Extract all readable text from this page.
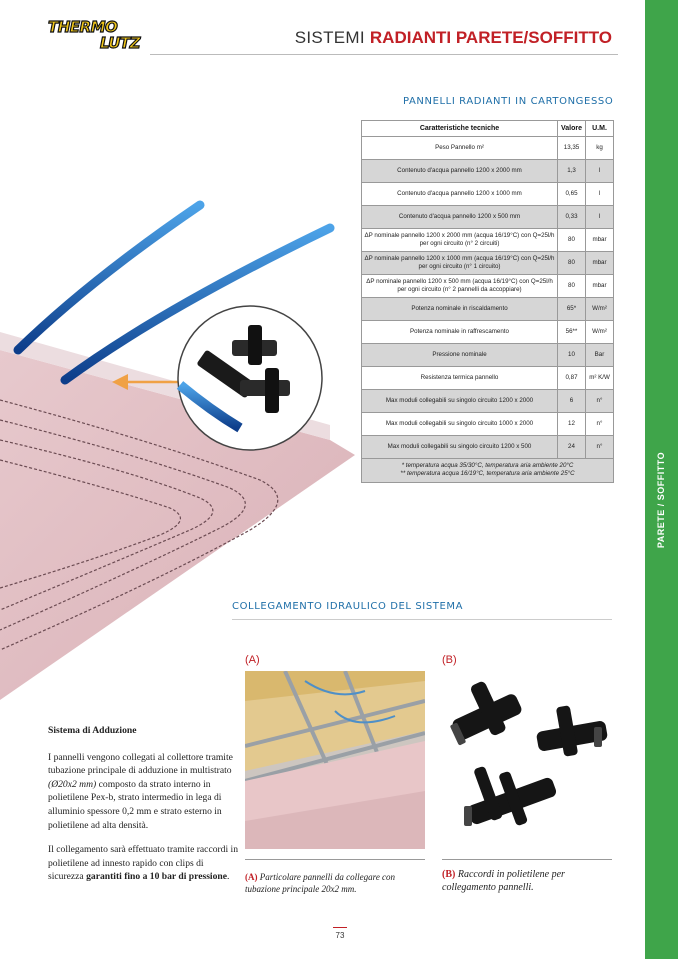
PARETE / SOFFITTO
THERMO
LUTZ	SISTEMI RADIANTI PARETE/SOFFITTO
PANNELLI RADIANTI IN CARTONGESSO
Caratteristiche tecniche	Valore	U.M.
Peso Pannello m²	13,35	kg
Contenuto d'acqua pannello 1200 x 2000 mm	1,3	l
Contenuto d'acqua pannello 1200 x 1000 mm	0,65	l
Contenuto d'acqua pannello 1200 x 500 mm	0,33	l
ΔP nominale pannello 1200 x 2000 mm (acqua 16/19°C) con Q=25l/h per ogni circuito (n° 2 circuiti)	80	mbar
ΔP nominale pannello 1200 x 1000 mm (acqua 16/19°C) con Q=25l/h per ogni circuito (n° 1 circuito)	80	mbar
ΔP nominale pannello 1200 x 500 mm (acqua 16/19°C) con Q=25l/h per ogni circuito (n° 2 pannelli da accoppiare)	80	mbar
Potenza nominale in riscaldamento	65*	W/m²
Potenza nominale in raffrescamento	56**	W/m²
Pressione nominale	10	Bar
Resistenza termica pannello	0,87	m² K/W
Max moduli collegabili su singolo circuito 1200 x 2000	6	n°
Max moduli collegabili su singolo circuito 1000 x 2000	12	n°
Max moduli collegabili su singolo circuito 1200 x 500	24	n°

* temperatura acqua 35/30°C, temperatura aria ambiente 20°C
** temperatura acqua 16/19°C, temperatura aria ambiente 25°C		
COLLEGAMENTO IDRAULICO DEL SISTEMA
(A)	(B)
(A) Particolare pannelli da collegare con tubazione principale 20x2 mm.
(B) Raccordi in polietilene per collegamento pannelli.
Sistema di Adduzione

I pannelli vengono collegati al collettore tramite tubazione principale di adduzione in multistrato (Ø20x2 mm) composto da strato interno in polietilene Pex-b, strato intermedio in lega di alluminio spessore 0,2 mm e strato esterno in polietilene ad alta densità.

Il collegamento sarà effettuato tramite raccordi in polietilene ad innesto rapido con clips di sicurezza garantiti fino a 10 bar di pressione.

73
